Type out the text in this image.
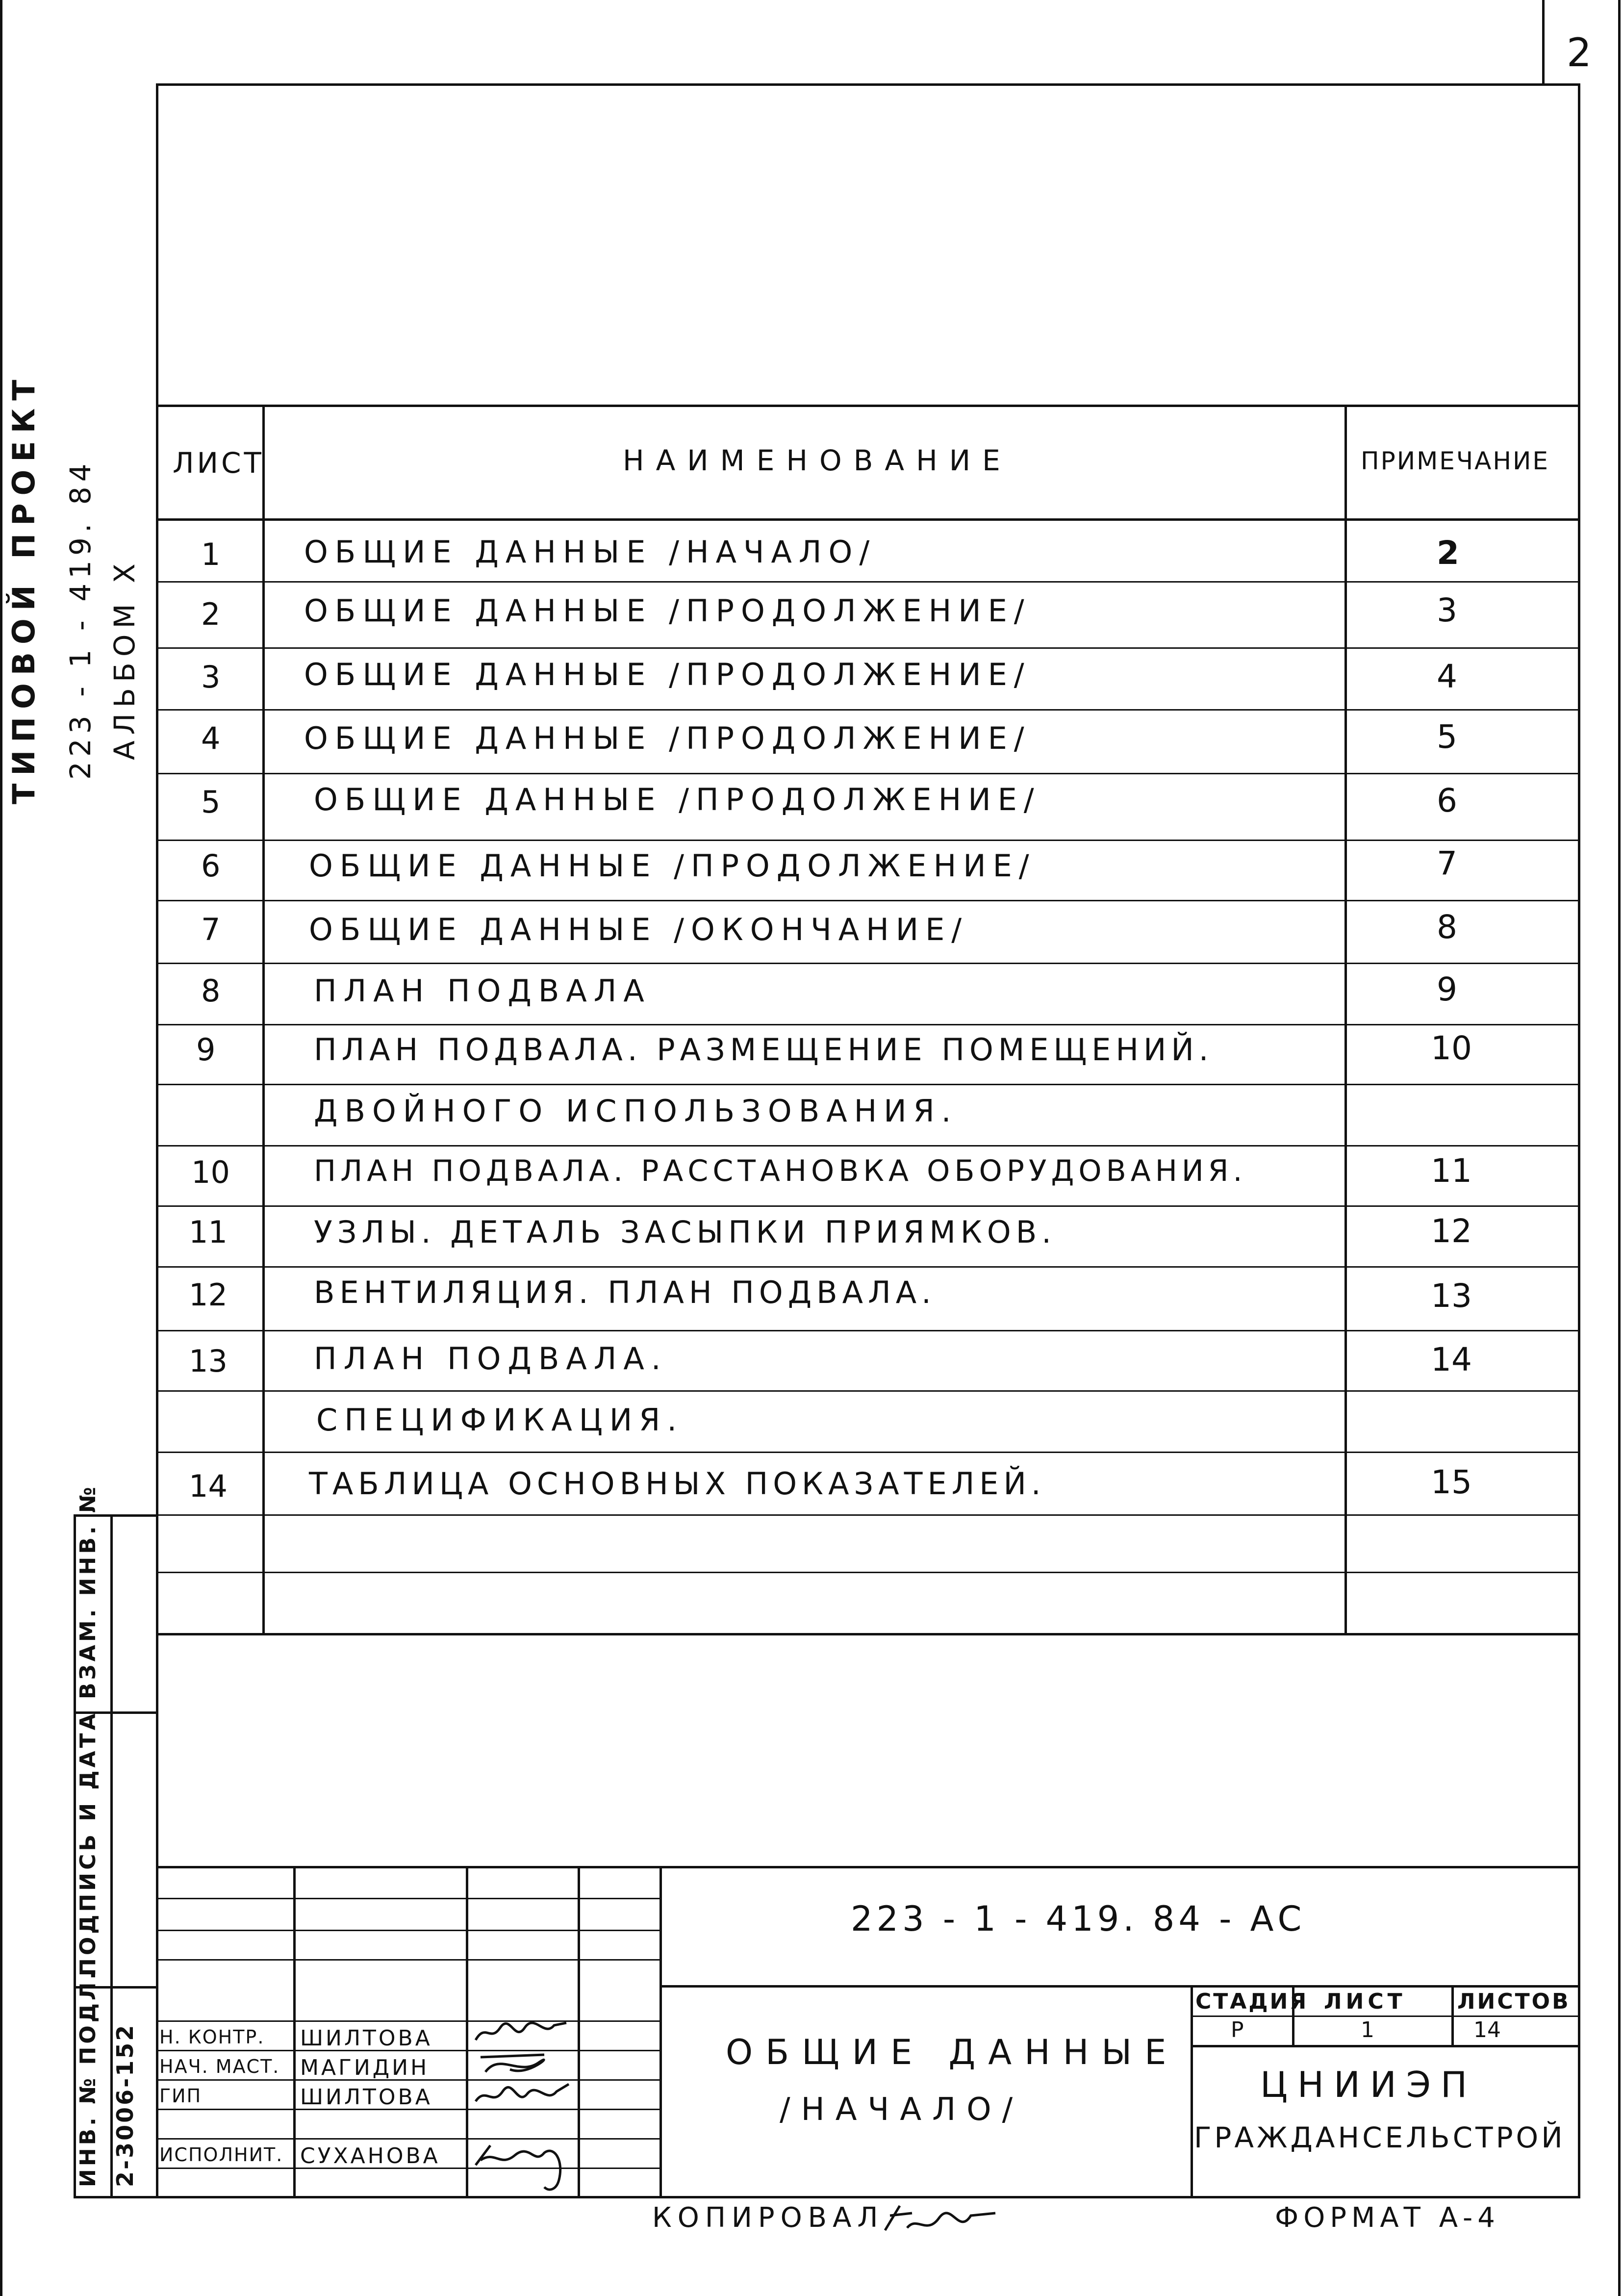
2
ТИПОВОЙ ПРОЕКТ 223 - 1 - 419. 84 АЛЬБОМ X
ЛИСТ	НАИМЕНОВАНИЕ	ПРИМЕЧАНИЕ
1	ОБЩИЕ ДАННЫЕ /НАЧАЛО/	2
2	ОБЩИЕ ДАННЫЕ /ПРОДОЛЖЕНИЕ/	3
3	ОБЩИЕ ДАННЫЕ /ПРОДОЛЖЕНИЕ/	4
4	ОБЩИЕ ДАННЫЕ /ПРОДОЛЖЕНИЕ/	5
5	ОБЩИЕ ДАННЫЕ /ПРОДОЛЖЕНИЕ/	6
6	ОБЩИЕ ДАННЫЕ /ПРОДОЛЖЕНИЕ/	7
7	ОБЩИЕ ДАННЫЕ /ОКОНЧАНИЕ/	8
8	ПЛАН ПОДВАЛА	9
9	ПЛАН ПОДВАЛА. РАЗМЕЩЕНИЕ ПОМЕЩЕНИЙ.	10
ДВОЙНОГО ИСПОЛЬЗОВАНИЯ.
10	ПЛАН ПОДВАЛА. РАССТАНОВКА ОБОРУДОВАНИЯ.	11
11	УЗЛЫ. ДЕТАЛЬ ЗАСЫПКИ ПРИЯМКОВ.	12
12	ВЕНТИЛЯЦИЯ. ПЛАН ПОДВАЛА.	13
13	ПЛАН ПОДВАЛА.	14
СПЕЦИФИКАЦИЯ.
14	ТАБЛИЦА ОСНОВНЫХ ПОКАЗАТЕЛЕЙ.	15
ВЗАМ. ИНВ. №
ПОДПИСЬ И ДАТА
ИНВ. № ПОДЛ. 2-3006-152
223 - 1 - 419. 84 - АС
Н. КОНТР. ШИЛТОВА
НАЧ. МАСТ. МАГИДИН
ГИП	ШИЛТОВА
ИСПОЛНИТ. СУХАНОВА
ОБЩИЕ ДАННЫЕ
/НАЧАЛО/
СТАДИЯ ЛИСТ ЛИСТОВ
Р	1	14
ЦНИИЭП
ГРАЖДАНСЕЛЬСТРОЙ
КОПИРОВАЛ	ФОРМАТ А-4
